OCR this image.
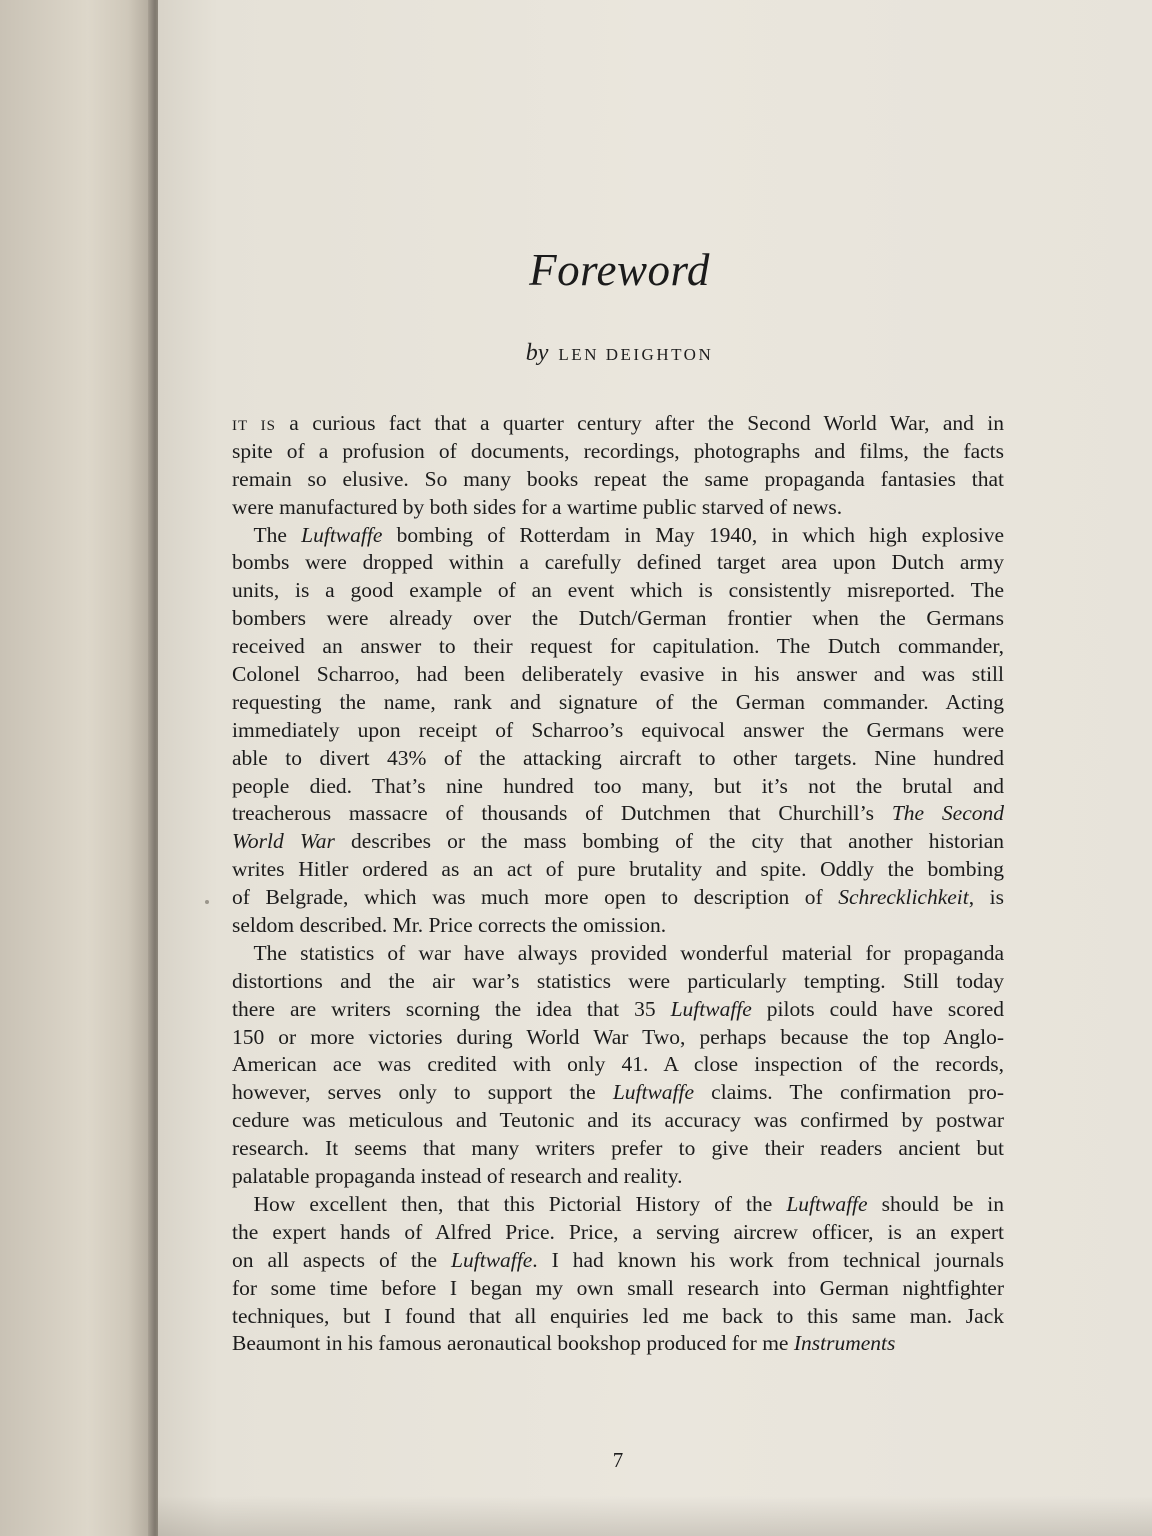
Foreword
by LEN DEIGHTON
IT IS a curious fact that a quarter century after the Second World War, and in
spite of a profusion of documents, recordings, photographs and films, the facts
remain so elusive. So many books repeat the same propaganda fantasies that
were manufactured by both sides for a wartime public starved of news.
 The Luftwaffe bombing of Rotterdam in May 1940, in which high explosive
bombs were dropped within a carefully defined target area upon Dutch army
units, is a good example of an event which is consistently misreported. The
bombers were already over the Dutch/German frontier when the Germans
received an answer to their request for capitulation. The Dutch commander,
Colonel Scharroo, had been deliberately evasive in his answer and was still
requesting the name, rank and signature of the German commander. Acting
immediately upon receipt of Scharroo’s equivocal answer the Germans were
able to divert 43% of the attacking aircraft to other targets. Nine hundred
people died. That’s nine hundred too many, but it’s not the brutal and
treacherous massacre of thousands of Dutchmen that Churchill’s The Second
World War describes or the mass bombing of the city that another historian
writes Hitler ordered as an act of pure brutality and spite. Oddly the bombing
of Belgrade, which was much more open to description of Schrecklichkeit, is
seldom described. Mr. Price corrects the omission.
 The statistics of war have always provided wonderful material for propaganda
distortions and the air war’s statistics were particularly tempting. Still today
there are writers scorning the idea that 35 Luftwaffe pilots could have scored
150 or more victories during World War Two, perhaps because the top Anglo-
American ace was credited with only 41. A close inspection of the records,
however, serves only to support the Luftwaffe claims. The confirmation pro-
cedure was meticulous and Teutonic and its accuracy was confirmed by postwar
research. It seems that many writers prefer to give their readers ancient but
palatable propaganda instead of research and reality.
 How excellent then, that this Pictorial History of the Luftwaffe should be in
the expert hands of Alfred Price. Price, a serving aircrew officer, is an expert
on all aspects of the Luftwaffe. I had known his work from technical journals
for some time before I began my own small research into German nightfighter
techniques, but I found that all enquiries led me back to this same man. Jack
Beaumont in his famous aeronautical bookshop produced for me Instruments
7
